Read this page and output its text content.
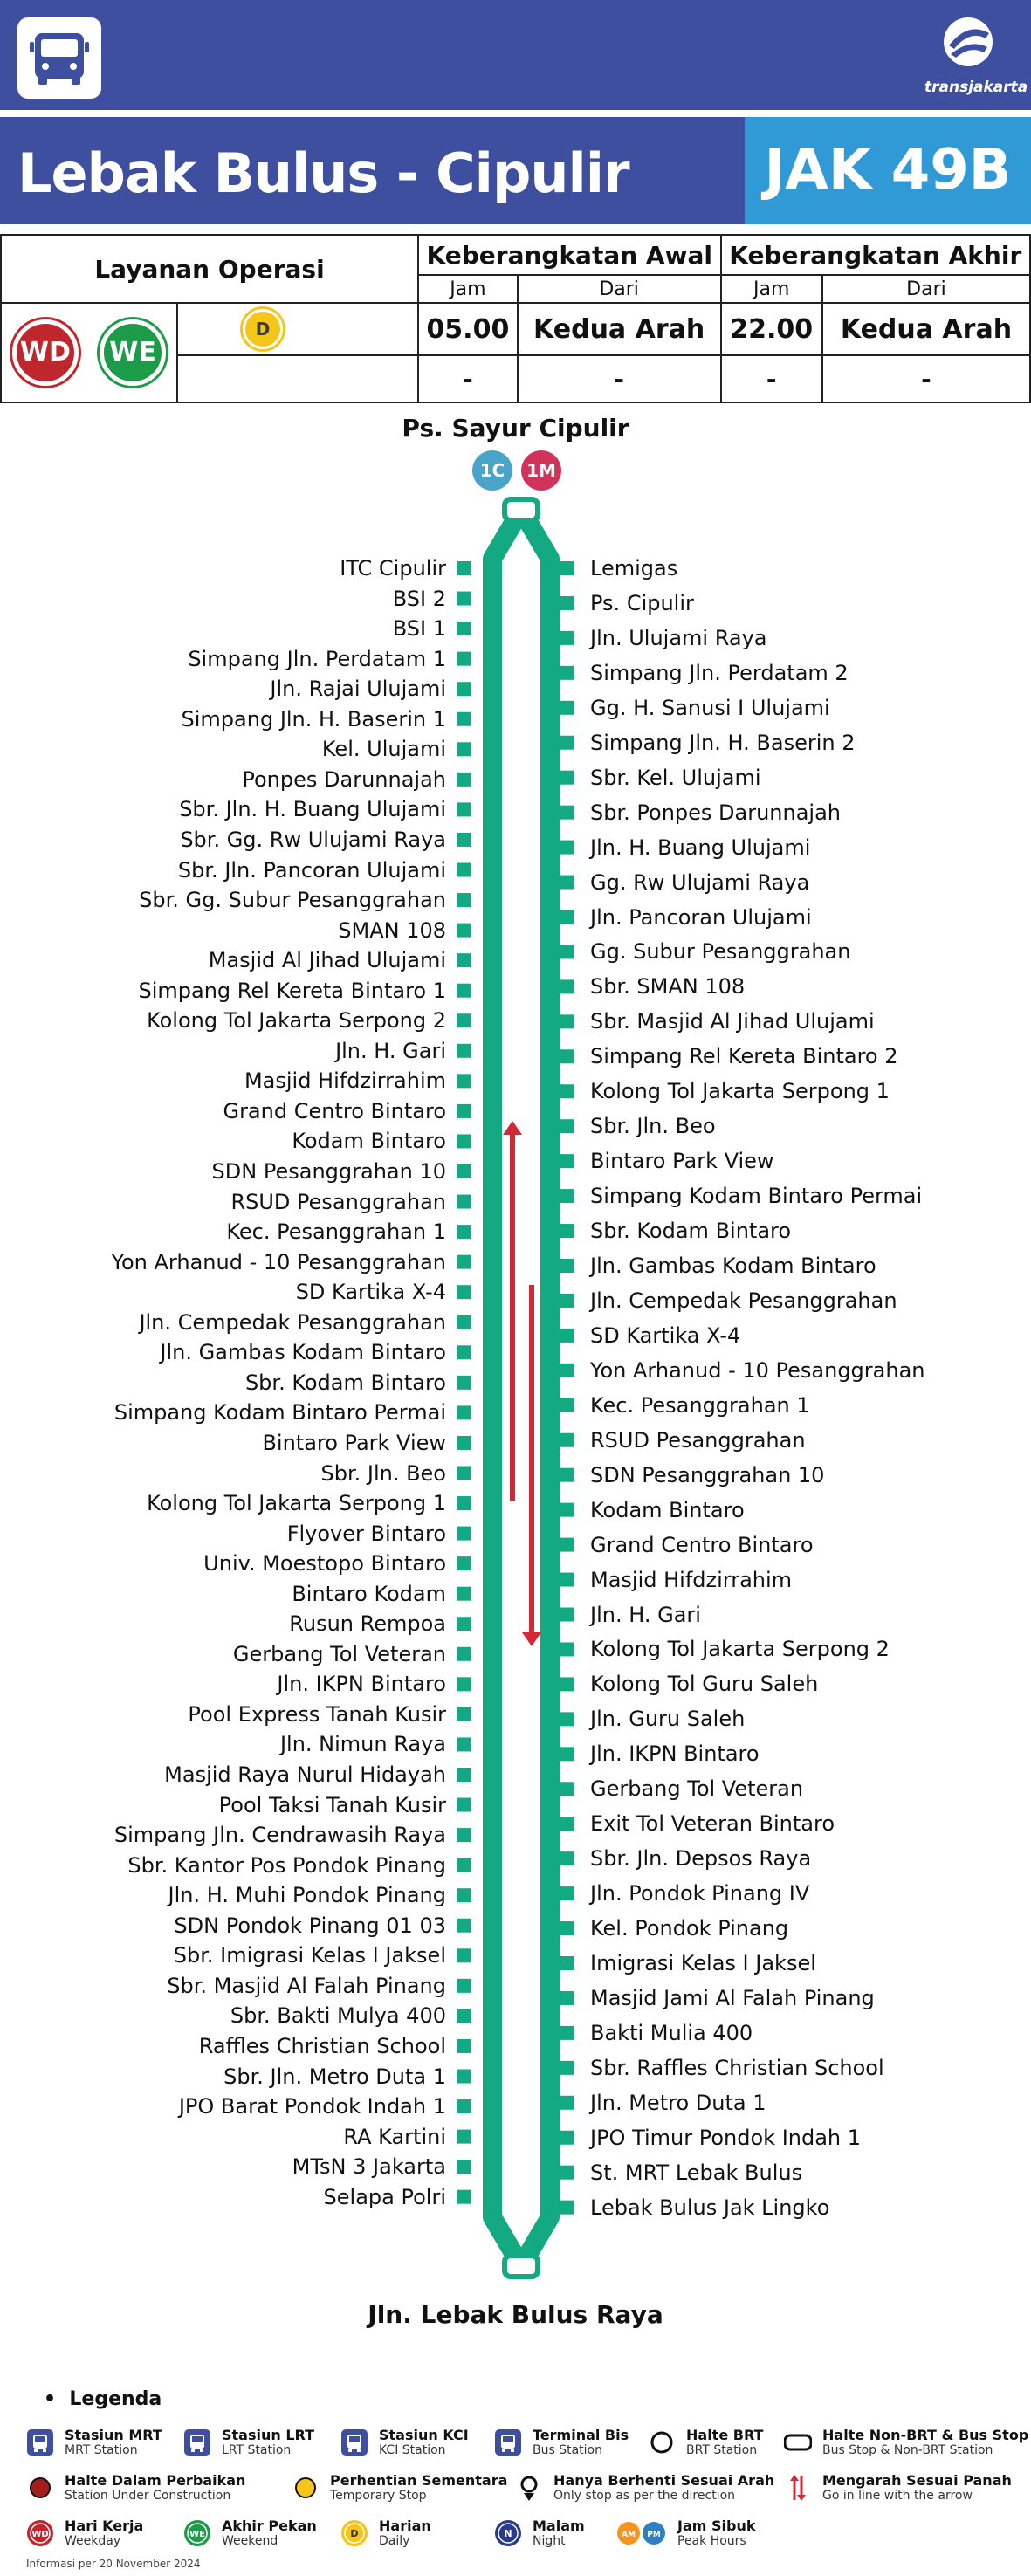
transjakarta
Lebak Bulus - Cipulir	JAK 49B
Layanan Operasi		Keberangkatan Awal		Keberangkatan Akhir	
		Jam	Dari	Jam	Dari
WD WE	D	05.00	Kedua Arah	22.00	Kedua Arah
		-	-	-	-
Ps. Sayur Cipulir
1C	1M
ITC Cipulir
BSI 2
BSI 1
Simpang Jln. Perdatam 1
Jln. Rajai Ulujami
Simpang Jln. H. Baserin 1
Kel. Ulujami
Ponpes Darunnajah
Sbr. Jln. H. Buang Ulujami
Sbr. Gg. Rw Ulujami Raya
Sbr. Jln. Pancoran Ulujami
Sbr. Gg. Subur Pesanggrahan
SMAN 108
Masjid Al Jihad Ulujami
Simpang Rel Kereta Bintaro 1
Kolong Tol Jakarta Serpong 2
Jln. H. Gari
Masjid Hifdzirrahim
Grand Centro Bintaro
Kodam Bintaro
SDN Pesanggrahan 10
RSUD Pesanggrahan
Kec. Pesanggrahan 1
Yon Arhanud - 10 Pesanggrahan
SD Kartika X-4
Jln. Cempedak Pesanggrahan
Jln. Gambas Kodam Bintaro
Sbr. Kodam Bintaro
Simpang Kodam Bintaro Permai
Bintaro Park View
Sbr. Jln. Beo
Kolong Tol Jakarta Serpong 1
Flyover Bintaro
Univ. Moestopo Bintaro
Bintaro Kodam
Rusun Rempoa
Gerbang Tol Veteran
Jln. IKPN Bintaro
Pool Express Tanah Kusir
Jln. Nimun Raya
Masjid Raya Nurul Hidayah
Pool Taksi Tanah Kusir
Simpang Jln. Cendrawasih Raya
Sbr. Kantor Pos Pondok Pinang
Jln. H. Muhi Pondok Pinang
SDN Pondok Pinang 01 03
Sbr. Imigrasi Kelas I Jaksel
Sbr. Masjid Al Falah Pinang
Sbr. Bakti Mulya 400
Raffles Christian School
Sbr. Jln. Metro Duta 1
JPO Barat Pondok Indah 1
RA Kartini
MTsN 3 Jakarta
Selapa Polri
Lemigas
Ps. Cipulir
Jln. Ulujami Raya
Simpang Jln. Perdatam 2
Gg. H. Sanusi I Ulujami
Simpang Jln. H. Baserin 2
Sbr. Kel. Ulujami
Sbr. Ponpes Darunnajah
Jln. H. Buang Ulujami
Gg. Rw Ulujami Raya
Jln. Pancoran Ulujami
Gg. Subur Pesanggrahan
Sbr. SMAN 108
Sbr. Masjid Al Jihad Ulujami
Simpang Rel Kereta Bintaro 2
Kolong Tol Jakarta Serpong 1
Sbr. Jln. Beo
Bintaro Park View
Simpang Kodam Bintaro Permai
Sbr. Kodam Bintaro
Jln. Gambas Kodam Bintaro
Jln. Cempedak Pesanggrahan
SD Kartika X-4
Yon Arhanud - 10 Pesanggrahan
Kec. Pesanggrahan 1
RSUD Pesanggrahan
SDN Pesanggrahan 10
Kodam Bintaro
Grand Centro Bintaro
Masjid Hifdzirrahim
Jln. H. Gari
Kolong Tol Jakarta Serpong 2
Kolong Tol Guru Saleh
Jln. Guru Saleh
Jln. IKPN Bintaro
Gerbang Tol Veteran
Exit Tol Veteran Bintaro
Sbr. Jln. Depsos Raya
Jln. Pondok Pinang IV
Kel. Pondok Pinang
Imigrasi Kelas I Jaksel
Masjid Jami Al Falah Pinang
Bakti Mulia 400
Sbr. Raffles Christian School
Jln. Metro Duta 1
JPO Timur Pondok Indah 1
St. MRT Lebak Bulus
Lebak Bulus Jak Lingko
Jln. Lebak Bulus Raya
•  Legenda
Stasiun MRT
MRT Station
Stasiun LRT
LRT Station
Stasiun KCI
KCI Station
Terminal Bis
Bus Station
Halte BRT
BRT Station
Halte Non-BRT & Bus Stop
Bus Stop & Non-BRT Station
Halte Dalam Perbaikan
Station Under Construction
Perhentian Sementara
Temporary Stop
Hanya Berhenti Sesuai Arah
Only stop as per the direction
Mengarah Sesuai Panah
Go in line with the arrow
WD
Hari Kerja
Weekday	WE
Akhir Pekan
Weekend
D Harian
Daily
N Malam
Night	AM PM
Jam Sibuk
Peak Hours
Informasi per 20 November 2024
